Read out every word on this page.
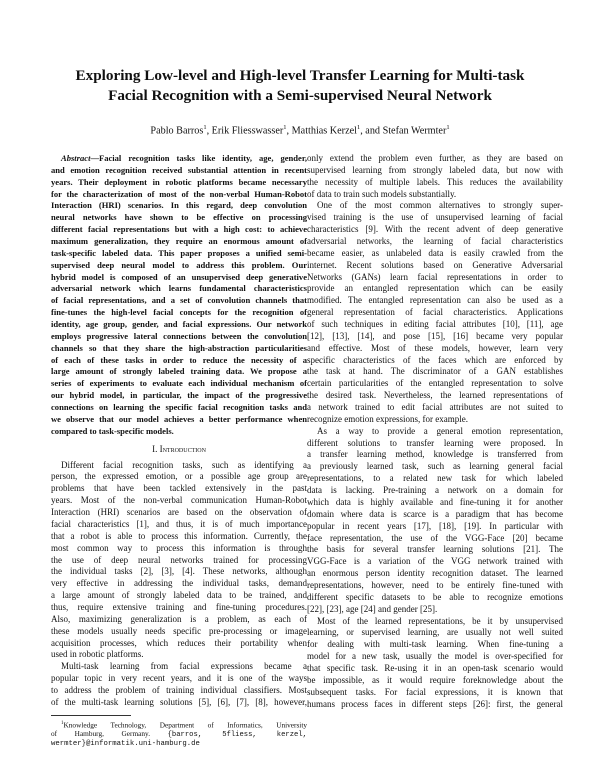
Exploring Low-level and High-level Transfer Learning for Multi-task
Facial Recognition with a Semi-supervised Neural Network
Pablo Barros$^1$, Erik Fliesswasser$^1$, Matthias Kerzel$^1$, and Stefan Wermter$^1$
Abstract—Facial recognition tasks like identity, age, gender,
and emotion recognition received substantial attention in recent
years. Their deployment in robotic platforms became necessary
for the characterization of most of the non-verbal Human-Robot
Interaction (HRI) scenarios. In this regard, deep convolution
neural networks have shown to be effective on processing
different facial representations but with a high cost: to achieve
maximum generalization, they require an enormous amount of
task-specific labeled data. This paper proposes a unified semi-
supervised deep neural model to address this problem. Our
hybrid model is composed of an unsupervised deep generative
adversarial network which learns fundamental characteristics
of facial representations, and a set of convolution channels that
fine-tunes the high-level facial concepts for the recognition of
identity, age group, gender, and facial expressions. Our network
employs progressive lateral connections between the convolution
channels so that they share the high-abstraction particularities
of each of these tasks in order to reduce the necessity of a
large amount of strongly labeled training data. We propose a
series of experiments to evaluate each individual mechanism of
our hybrid model, in particular, the impact of the progressive
connections on learning the specific facial recognition tasks and
we observe that our model achieves a better performance when
compared to task-specific models.
I. Introduction
Different facial recognition tasks, such as identifying a
person, the expressed emotion, or a possible age group are
problems that have been tackled extensively in the past
years. Most of the non-verbal communication Human-Robot
Interaction (HRI) scenarios are based on the observation of
facial characteristics [1], and thus, it is of much importance
that a robot is able to process this information. Currently, the
most common way to process this information is through
the use of deep neural networks trained for processing
the individual tasks [2], [3], [4]. These networks, although
very effective in addressing the individual tasks, demand
a large amount of strongly labeled data to be trained, and
thus, require extensive training and fine-tuning procedures.
Also, maximizing generalization is a problem, as each of
these models usually needs specific pre-processing or image
acquisition processes, which reduces their portability when
used in robotic platforms.
Multi-task learning from facial expressions became a
popular topic in very recent years, and it is one of the ways
to address the problem of training individual classifiers. Most
of the multi-task learning solutions [5], [6], [7], [8], however,
$^1$Knowledge Technology, Department of Informatics, University
of Hamburg, Germany. {barros, 5fliess, kerzel,
wermter}@informatik.uni-hamburg.de
only extend the problem even further, as they are based on
supervised learning from strongly labeled data, but now with
the necessity of multiple labels. This reduces the availability
of data to train such models substantially.
One of the most common alternatives to strongly super-
vised training is the use of unsupervised learning of facial
characteristics [9]. With the recent advent of deep generative
adversarial networks, the learning of facial characteristics
became easier, as unlabeled data is easily crawled from the
internet. Recent solutions based on Generative Adversarial
Networks (GANs) learn facial representations in order to
provide an entangled representation which can be easily
modified. The entangled representation can also be used as a
general representation of facial characteristics. Applications
of such techniques in editing facial attributes [10], [11], age
[12], [13], [14], and pose [15], [16] became very popular
and effective. Most of these models, however, learn very
specific characteristics of the faces which are enforced by
the task at hand. The discriminator of a GAN establishes
certain particularities of the entangled representation to solve
the desired task. Nevertheless, the learned representations of
a network trained to edit facial attributes are not suited to
recognize emotion expressions, for example.
As a way to provide a general emotion representation,
different solutions to transfer learning were proposed. In
a transfer learning method, knowledge is transferred from
a previously learned task, such as learning general facial
representations, to a related new task for which labeled
data is lacking. Pre-training a network on a domain for
which data is highly available and fine-tuning it for another
domain where data is scarce is a paradigm that has become
popular in recent years [17], [18], [19]. In particular with
face representation, the use of the VGG-Face [20] became
the basis for several transfer learning solutions [21]. The
VGG-Face is a variation of the VGG network trained with
an enormous person identity recognition dataset. The learned
representations, however, need to be entirely fine-tuned with
different specific datasets to be able to recognize emotions
[22], [23], age [24] and gender [25].
Most of the learned representations, be it by unsupervised
learning, or supervised learning, are usually not well suited
for dealing with multi-task learning. When fine-tuning a
model for a new task, usually the model is over-specified for
that specific task. Re-using it in an open-task scenario would
be impossible, as it would require foreknowledge about the
subsequent tasks. For facial expressions, it is known that
humans process faces in different steps [26]: first, the general
